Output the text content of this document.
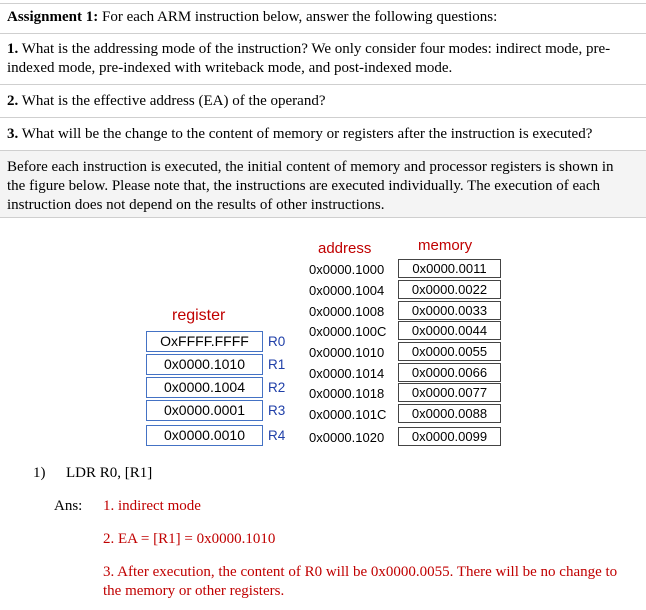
Assignment 1: For each ARM instruction below, answer the following questions:
1. What is the addressing mode of the instruction? We only consider four modes: indirect mode, pre-indexed mode, pre-indexed with writeback mode, and post-indexed mode.
2. What is the effective address (EA) of the operand?
3. What will be the change to the content of memory or registers after the instruction is executed?
Before each instruction is executed, the initial content of memory and processor registers is shown in the figure below. Please note that, the instructions are executed individually. The execution of each instruction does not depend on the results of other instructions.
address	memory
0x0000.1000	0x0000.0011
0x0000.1004	0x0000.0022
0x0000.1008	0x0000.0033
0x0000.100C	0x0000.0044
0x0000.1010	0x0000.0055
0x0000.1014	0x0000.0066
0x0000.1018	0x0000.0077
0x0000.101C	0x0000.0088
0x0000.1020	0x0000.0099
register
OxFFFF.FFFF	R0
0x0000.1010	R1
0x0000.1004	R2
0x0000.0001	R3
0x0000.0010	R4
1) LDR R0, [R1]
Ans: 1. indirect mode
2. EA = [R1] = 0x0000.1010
3. After execution, the content of R0 will be 0x0000.0055. There will be no change to the memory or other registers.
